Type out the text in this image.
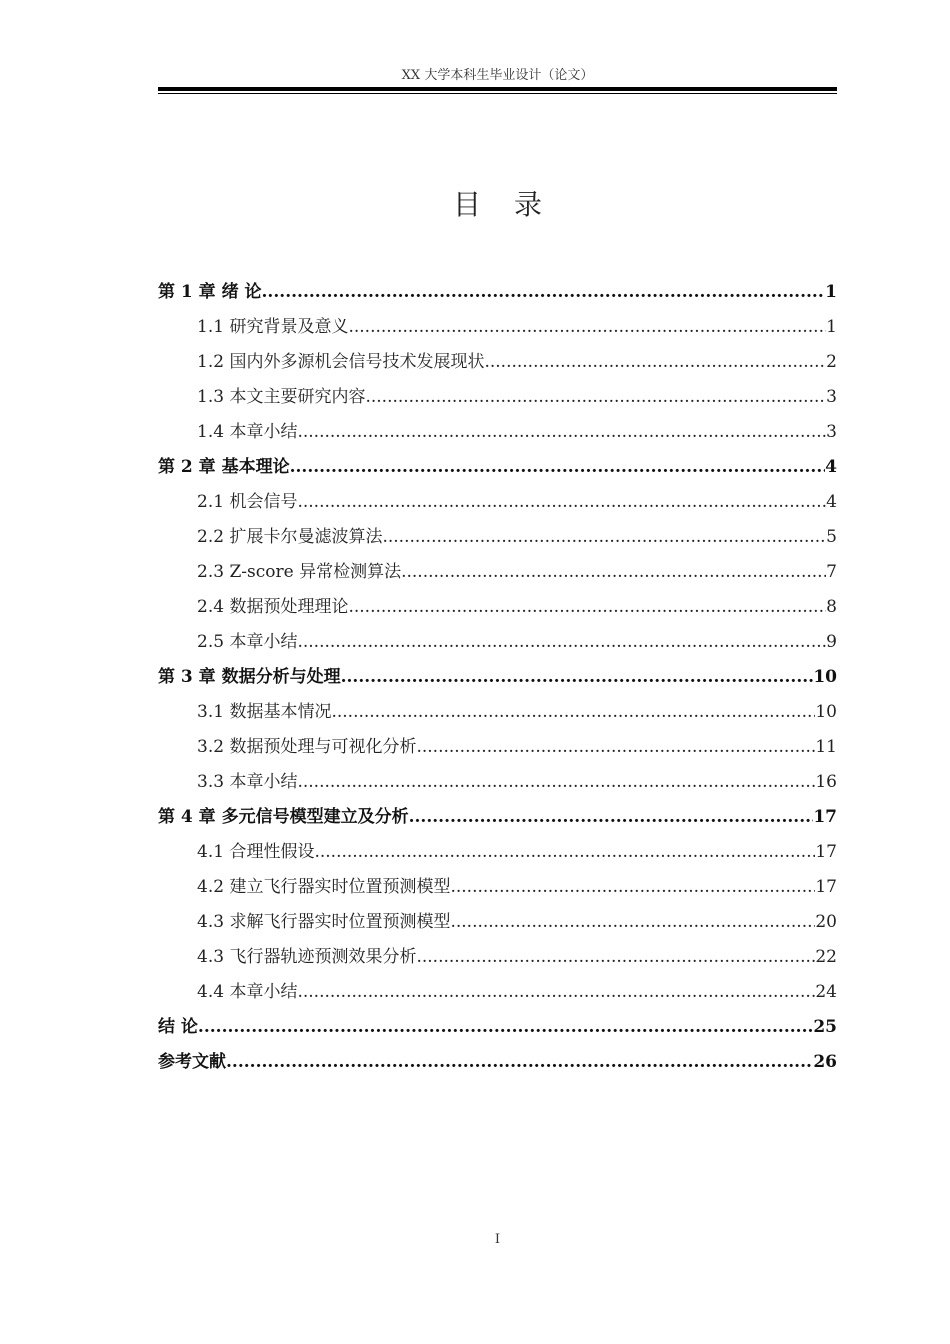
XX 大学本科生毕业设计（论文）
目 录
第 1 章 绪 论 .....	1
1.1 研究背景及意义 .....	1
1.2 国内外多源机会信号技术发展现状 .....	2
1.3 本文主要研究内容 .....	3
1.4 本章小结 .....	3
第 2 章 基本理论 .....	4
2.1 机会信号 .....	4
2.2 扩展卡尔曼滤波算法 .....	5
2.3 Z-score 异常检测算法 .....	7
2.4 数据预处理理论 .....	8
2.5 本章小结 .....	9
第 3 章 数据分析与处理 .....	10
3.1 数据基本情况 .....	10
3.2 数据预处理与可视化分析 .....	11
3.3 本章小结 .....	16
第 4 章 多元信号模型建立及分析 .....	17
4.1 合理性假设 .....	17
4.2 建立飞行器实时位置预测模型 .....	17
4.3 求解飞行器实时位置预测模型 .....	20
4.3 飞行器轨迹预测效果分析 .....	22
4.4 本章小结 .....	24
结 论 .....	25
参考文献 .....	26
I
